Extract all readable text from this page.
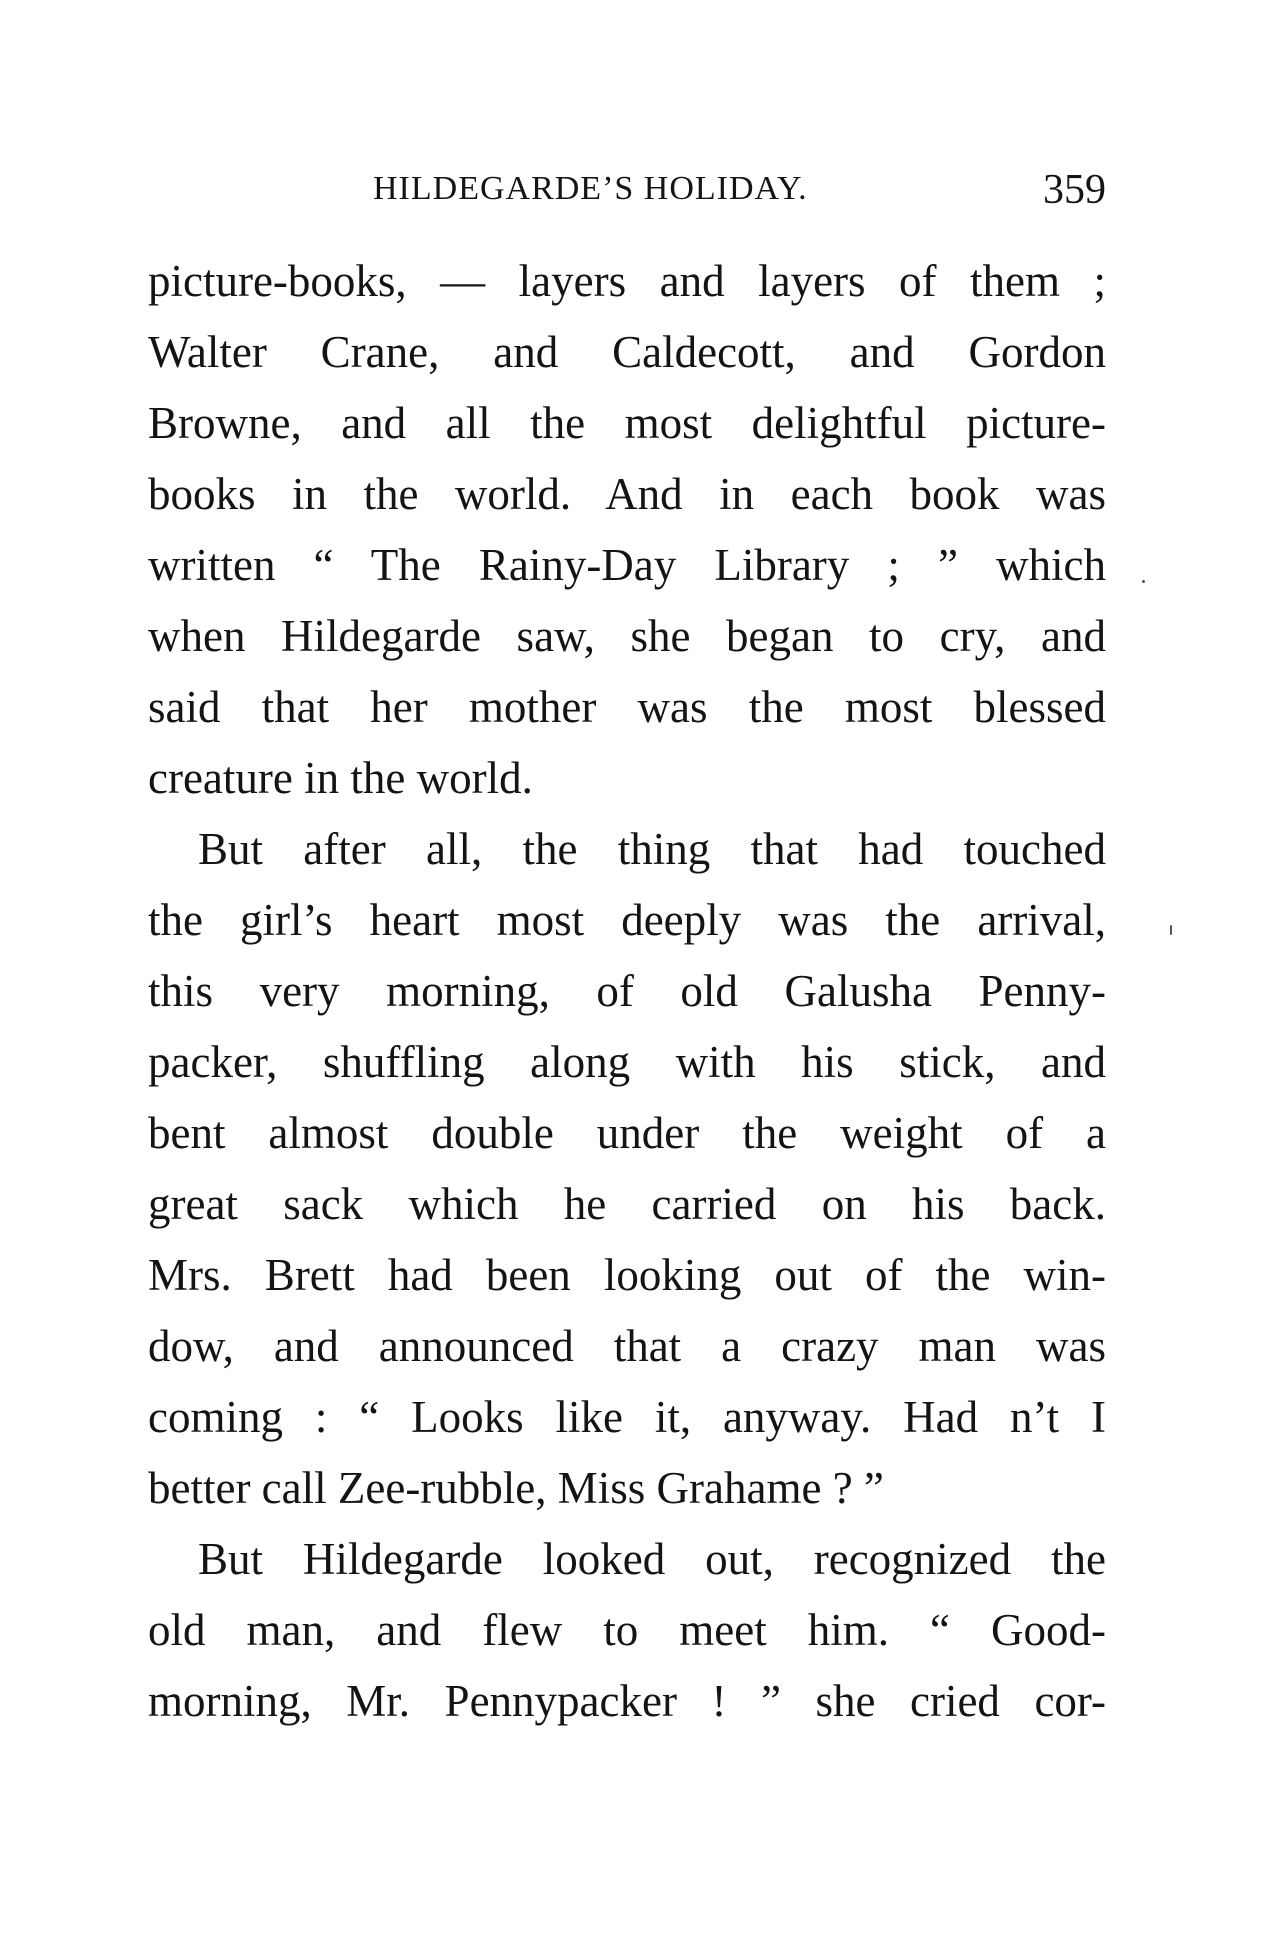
HILDEGARDE’S HOLIDAY.	359
picture-books, — layers and layers of them ;
Walter Crane, and Caldecott, and Gordon
Browne, and all the most delightful picture-
books in the world. And in each book was
written “ The Rainy-Day Library ; ” which
when Hildegarde saw, she began to cry, and
said that her mother was the most blessed
creature in the world.
But after all, the thing that had touched
the girl’s heart most deeply was the arrival,
this very morning, of old Galusha Penny-
packer, shuffling along with his stick, and
bent almost double under the weight of a
great sack which he carried on his back.
Mrs. Brett had been looking out of the win-
dow, and announced that a crazy man was
coming : “ Looks like it, anyway. Had n’t I
better call Zee-rubble, Miss Grahame ? ”
But Hildegarde looked out, recognized the
old man, and flew to meet him. “ Good-
morning, Mr. Pennypacker ! ” she cried cor-
